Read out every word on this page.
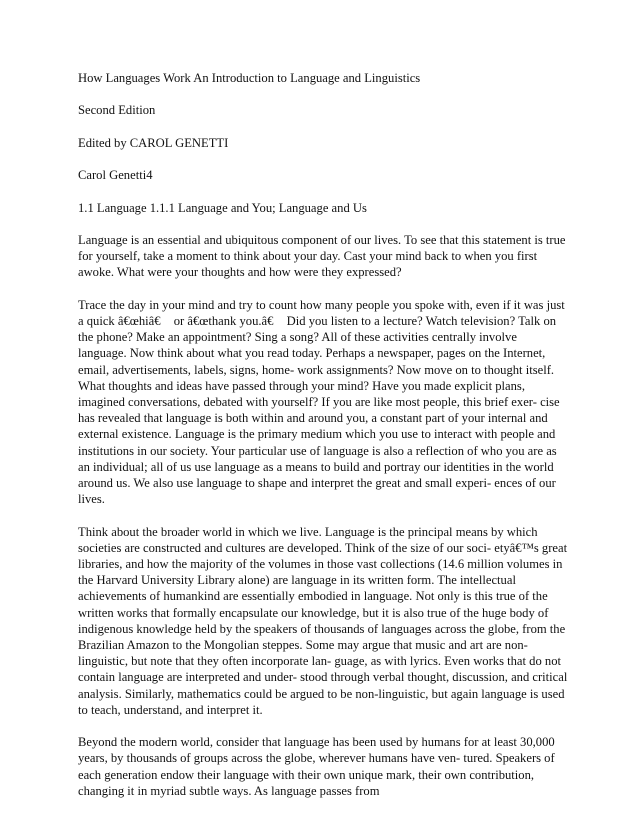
How Languages Work An Introduction to Language and Linguistics

Second Edition

Edited by CAROL GENETTI

Carol Genetti4

1.1 Language 1.1.1 Language and You; Language and Us

Language is an essential and ubiquitous component of our lives. To see that this statement is true for yourself, take a moment to think about your day. Cast your mind back to when you first awoke. What were your thoughts and how were they expressed?

Trace the day in your mind and try to count how many people you spoke with, even if it was just a quick â€œhiâ€ or â€œthank you.â€ Did you listen to a lecture? Watch television? Talk on the phone? Make an appointment? Sing a song? All of these activities centrally involve language. Now think about what you read today. Perhaps a newspaper, pages on the Internet, email, advertisements, labels, signs, home- work assignments? Now move on to thought itself. What thoughts and ideas have passed through your mind? Have you made explicit plans, imagined conversations, debated with yourself? If you are like most people, this brief exer- cise has revealed that language is both within and around you, a constant part of your internal and external existence. Language is the primary medium which you use to interact with people and institutions in our society. Your particular use of language is also a reflection of who you are as an individual; all of us use language as a means to build and portray our identities in the world around us. We also use language to shape and interpret the great and small experi- ences of our lives.

Think about the broader world in which we live. Language is the principal means by which societies are constructed and cultures are developed. Think of the size of our soci- etyâ€™s great libraries, and how the majority of the volumes in those vast collections (14.6 million volumes in the Harvard University Library alone) are language in its written form. The intellectual achievements of humankind are essentially embodied in language. Not only is this true of the written works that formally encapsulate our knowledge, but it is also true of the huge body of indigenous knowledge held by the speakers of thousands of languages across the globe, from the Brazilian Amazon to the Mongolian steppes. Some may argue that music and art are non-linguistic, but note that they often incorporate lan- guage, as with lyrics. Even works that do not contain language are interpreted and under- stood through verbal thought, discussion, and critical analysis. Similarly, mathematics could be argued to be non-linguistic, but again language is used to teach, understand, and interpret it.

Beyond the modern world, consider that language has been used by humans for at least 30,000 years, by thousands of groups across the globe, wherever humans have ven- tured. Speakers of each generation endow their language with their own unique mark, their own contribution, changing it in myriad subtle ways. As language passes from
